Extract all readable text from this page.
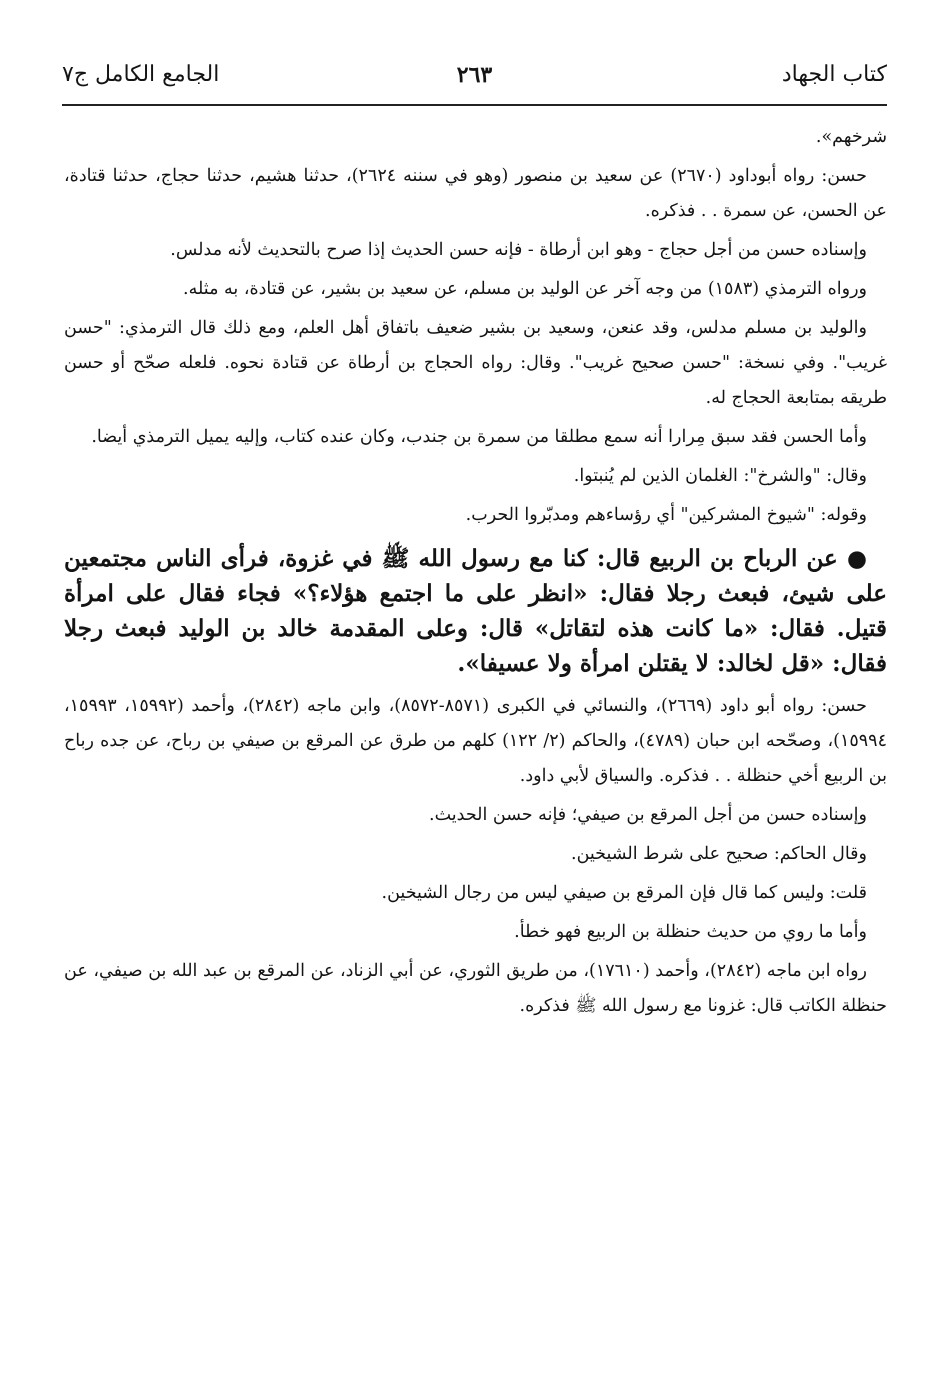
كتاب الجهاد
٢٦٣
الجامع الكامل ج٧

شرخهم».

حسن: رواه أبوداود (٢٦٧٠) عن سعيد بن منصور (وهو في سننه ٢٦٢٤)، حدثنا هشيم، حدثنا حجاج، حدثنا قتادة، عن الحسن، عن سمرة . . فذكره.

وإسناده حسن من أجل حجاج - وهو ابن أرطاة - فإنه حسن الحديث إذا صرح بالتحديث لأنه مدلس.

ورواه الترمذي (١٥٨٣) من وجه آخر عن الوليد بن مسلم، عن سعيد بن بشير، عن قتادة، به مثله.

والوليد بن مسلم مدلس، وقد عنعن، وسعيد بن بشير ضعيف باتفاق أهل العلم، ومع ذلك قال الترمذي: "حسن غريب". وفي نسخة: "حسن صحيح غريب". وقال: رواه الحجاج بن أرطاة عن قتادة نحوه. فلعله صحّح أو حسن طريقه بمتابعة الحجاج له.

وأما الحسن فقد سبق مِرارا أنه سمع مطلقا من سمرة بن جندب، وكان عنده كتاب، وإليه يميل الترمذي أيضا.

وقال: "والشرخ": الغلمان الذين لم يُنبتوا.

وقوله: "شيوخ المشركين" أي رؤساءهم ومدبّروا الحرب.

● عن الرباح بن الربيع قال: كنا مع رسول الله ﷺ في غزوة، فرأى الناس مجتمعين على شيئ، فبعث رجلا فقال: «انظر على ما اجتمع هؤلاء؟» فجاء فقال على امرأة قتيل. فقال: «ما كانت هذه لتقاتل» قال: وعلى المقدمة خالد بن الوليد فبعث رجلا فقال: «قل لخالد: لا يقتلن امرأة ولا عسيفا».

حسن: رواه أبو داود (٢٦٦٩)، والنسائي في الكبرى (٨٥٧١-٨٥٧٢)، وابن ماجه (٢٨٤٢)، وأحمد (١٥٩٩٢، ١٥٩٩٣، ١٥٩٩٤)، وصحّحه ابن حبان (٤٧٨٩)، والحاكم (٢/ ١٢٢) كلهم من طرق عن المرقع بن صيفي بن رباح، عن جده رباح بن الربيع أخي حنظلة . . فذكره. والسياق لأبي داود.

وإسناده حسن من أجل المرقع بن صيفي؛ فإنه حسن الحديث.

وقال الحاكم: صحيح على شرط الشيخين.

قلت: وليس كما قال فإن المرقع بن صيفي ليس من رجال الشيخين.

وأما ما روي من حديث حنظلة بن الربيع فهو خطأ.

رواه ابن ماجه (٢٨٤٢)، وأحمد (١٧٦١٠)، من طريق الثوري، عن أبي الزناد، عن المرقع بن عبد الله بن صيفي، عن حنظلة الكاتب قال: غزونا مع رسول الله ﷺ فذكره.
